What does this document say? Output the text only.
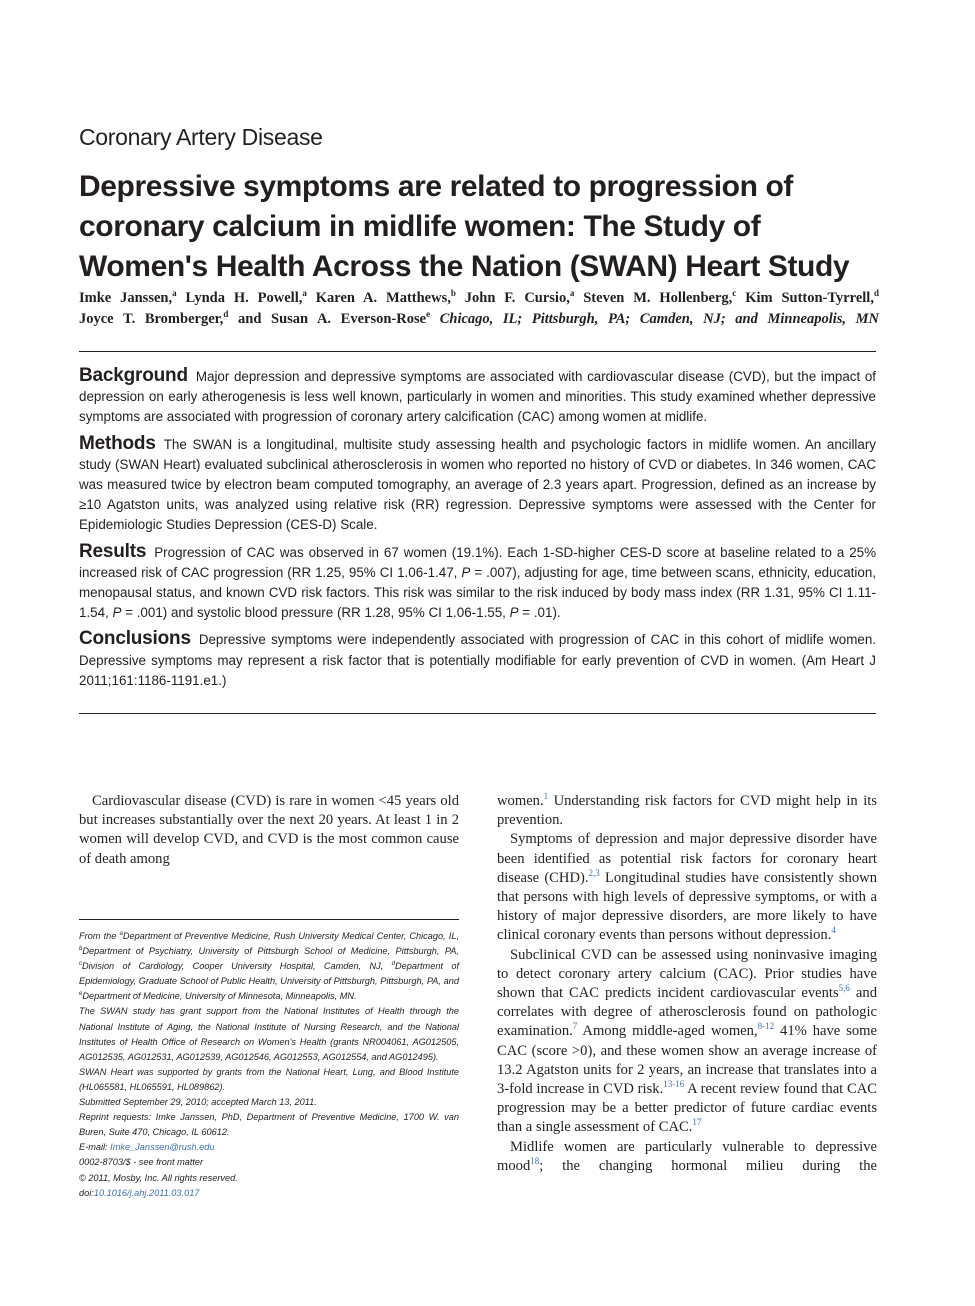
Coronary Artery Disease
Depressive symptoms are related to progression of
coronary calcium in midlife women: The Study of
Women's Health Across the Nation (SWAN) Heart Study
Imke Janssen,$^a$ Lynda H. Powell,$^a$ Karen A. Matthews,$^b$ John F. Cursio,$^a$ Steven M. Hollenberg,$^c$ Kim Sutton-Tyrrell,$^d$
Joyce T. Bromberger,$^d$ and Susan A. Everson-Rose$^e$ Chicago, IL; Pittsburgh, PA; Camden, NJ; and Minneapolis, MN

Background Major depression and depressive symptoms are associated with cardiovascular disease (CVD), but the impact of depression on early atherogenesis is less well known, particularly in women and minorities. This study examined whether depressive symptoms are associated with progression of coronary artery calcification (CAC) among women at midlife.

Methods The SWAN is a longitudinal, multisite study assessing health and psychologic factors in midlife women. An ancillary study (SWAN Heart) evaluated subclinical atherosclerosis in women who reported no history of CVD or diabetes. In 346 women, CAC was measured twice by electron beam computed tomography, an average of 2.3 years apart. Progression, defined as an increase by ≥10 Agatston units, was analyzed using relative risk (RR) regression. Depressive symptoms were assessed with the Center for Epidemiologic Studies Depression (CES-D) Scale.

Results Progression of CAC was observed in 67 women (19.1%). Each 1-SD-higher CES-D score at baseline related to a 25% increased risk of CAC progression (RR 1.25, 95% CI 1.06-1.47, P = .007), adjusting for age, time between scans, ethnicity, education, menopausal status, and known CVD risk factors. This risk was similar to the risk induced by body mass index (RR 1.31, 95% CI 1.11-1.54, P = .001) and systolic blood pressure (RR 1.28, 95% CI 1.06-1.55, P = .01).

Conclusions Depressive symptoms were independently associated with progression of CAC in this cohort of midlife women. Depressive symptoms may represent a risk factor that is potentially modifiable for early prevention of CVD in women. (Am Heart J 2011;161:1186-1191.e1.)

Cardiovascular disease (CVD) is rare in women <45 years old but increases substantially over the next 20 years. At least 1 in 2 women will develop CVD, and CVD is the most common cause of death among

From the $^a$Department of Preventive Medicine, Rush University Medical Center, Chicago, IL, $^b$Department of Psychiatry, University of Pittsburgh School of Medicine, Pittsburgh, PA, $^c$Division of Cardiology, Cooper University Hospital, Camden, NJ, $^d$Department of Epidemiology, Graduate School of Public Health, University of Pittsburgh, Pittsburgh, PA, and $^e$Department of Medicine, University of Minnesota, Minneapolis, MN.

The SWAN study has grant support from the National Institutes of Health through the National Institute of Aging, the National Institute of Nursing Research, and the National Institutes of Health Office of Research on Women's Health (grants NR004061, AG012505, AG012535, AG012531, AG012539, AG012546, AG012553, AG012554, and AG012495).

SWAN Heart was supported by grants from the National Heart, Lung, and Blood Institute (HL065581, HL065591, HL089862).

Submitted September 29, 2010; accepted March 13, 2011.

Reprint requests: Imke Janssen, PhD, Department of Preventive Medicine, 1700 W. van Buren, Suite 470, Chicago, IL 60612.

E-mail: Imke_Janssen@rush.edu

0002-8703/$ - see front matter

© 2011, Mosby, Inc. All rights reserved.

doi:10.1016/j.ahj.2011.03.017

women.$^1$ Understanding risk factors for CVD might help in its prevention.

Symptoms of depression and major depressive disorder have been identified as potential risk factors for coronary heart disease (CHD).$^{2,3}$ Longitudinal studies have consistently shown that persons with high levels of depressive symptoms, or with a history of major depressive disorders, are more likely to have clinical coronary events than persons without depression.$^4$

Subclinical CVD can be assessed using noninvasive imaging to detect coronary artery calcium (CAC). Prior studies have shown that CAC predicts incident cardiovascular events$^{5,6}$ and correlates with degree of atherosclerosis found on pathologic examination.$^7$ Among middle-aged women,$^{8-12}$ 41% have some CAC (score >0), and these women show an average increase of 13.2 Agatston units for 2 years, an increase that translates into a 3-fold increase in CVD risk.$^{13-16}$ A recent review found that CAC progression may be a better predictor of future cardiac events than a single assessment of CAC.$^{17}$

Midlife women are particularly vulnerable to depressive mood$^{18}$; the changing hormonal milieu during the
